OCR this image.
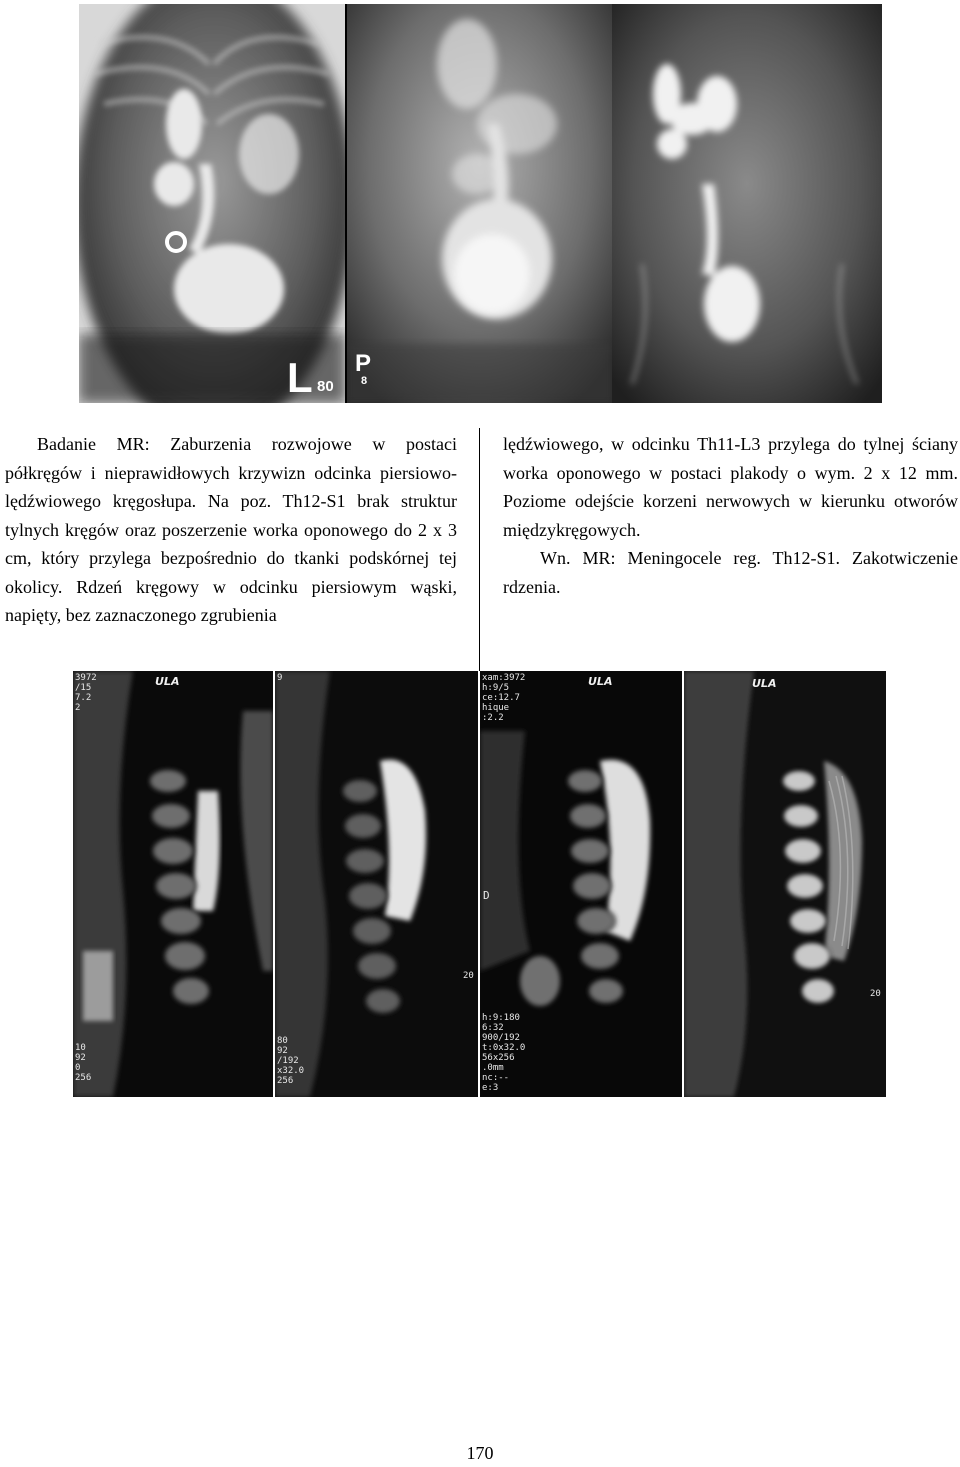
L 80
P
8

Badanie MR: Zaburzenia rozwojowe w postaci półkręgów i nieprawidłowych krzywizn odcinka piersiowo-lędźwiowego kręgosłupa. Na poz. Th12-S1 brak struktur tylnych kręgów oraz poszerzenie worka oponowego do 2 x 3 cm, który przylega bezpośrednio do tkanki podskórnej tej okolicy. Rdzeń kręgowy w odcinku piersiowym wąski, napięty, bez zaznaczonego zgrubienia

lędźwiowego, w odcinku Th11-L3 przylega do tylnej ściany worka oponowego w postaci plakody o wym. 2 x 12 mm. Poziome odejście korzeni nerwowych w kierunku otworów międzykręgowych.

Wn. MR: Meningocele reg. Th12-S1. Zakotwiczenie rdzenia.

ULA
3972
/15
7.2
2
10
92
0
256
9
80
92
/192
x32.0
256
20
ULA
xam:3972
h:9/5
ce:12.7
hique
:2.2
h:9:180
6:32
900/192
t:0x32.0
56x256
.0mm
nc:--
e:3
D
ULA
20
170
